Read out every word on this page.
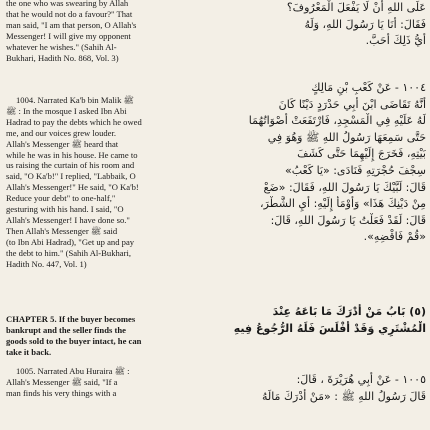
the one who was swearing by Allah
that he would not do a favour?" That
man said, "I am that person, O Allah's
Messenger! I will give my opponent
whatever he wishes." (Sahih Al-
Bukhari, Hadith No. 868, Vol. 3)
1004. Narrated Ka'b bin Malik ﷺ
ﷺ : In the mosque I asked Ibn Abi
Hadrad to pay the debts which he owed
me, and our voices grew louder.
Allah's Messenger ﷺ heard that
while he was in his house. He came to
us raising the curtain of his room and
said, "O Ka'b!" I replied, "Labbaik, O
Allah's Messenger!" He said, "O Ka'b!
Reduce your debt" to one-half,"
gesturing with his hand. I said, "O
Allah's Messenger! I have done so."
Then Allah's Messenger ﷺ said
(to Ibn Abi Hadrad), "Get up and pay
the debt to him." (Sahih Al-Bukhari,
Hadith No. 447, Vol. 1)
CHAPTER 5. If the buyer becomes
bankrupt and the seller finds the
goods sold to the buyer intact, he can
take it back.
1005. Narrated Abu Huraira ﷺ :
Allah's Messenger ﷺ said, "If a
man finds his very things with a
عَلَى اللهِ أَنْ لَا يَفْعَلَ الْمَعْرُوفَ؟
فَقَالَ: أَنَا يَا رَسُولَ اللهِ، وَلَهُ
أَيُّ ذَلِكَ أَحَبَّ.
١٠٠٤ - عَنْ كَعْبِ بْنِ مَالِكٍ
أَنَّهُ تَقَاضَى ابْنَ أَبِي حَدْرَدٍ دَيْنًا كَانَ
لَهُ عَلَيْهِ فِي الْمَسْجِدِ، فَارْتَفَعَتْ أَصْوَاتُهُمَا
حَتَّى سَمِعَهَا رَسُولُ اللهِ ﷺ وَهُوَ فِي
بَيْتِهِ، فَخَرَجَ إِلَيْهِمَا حَتَّى كَشَفَ
سِجْفَ حُجْرَتِهِ فَنَادَى: «يَا كَعْبُ»
قَالَ: لَبَّيْكَ يَا رَسُولَ اللهِ، فَقَالَ: «ضَعْ
مِنْ دَيْنِكَ هَذَا» وَأَوْمَأَ إِلَيْهِ: أَيِ الشَّطْرَ،
قَالَ: لَقَدْ فَعَلْتُ يَا رَسُولَ اللهِ، قَالَ:
«قُمْ فَاقْضِهِ».
(٥) بَابُ مَنْ أَدْرَكَ مَا بَاعَهُ عِنْدَ
الْمُشْتَرِي وَقَدْ أَفْلَسَ فَلَهُ الرُّجُوعُ فِيهِ
١٠٠٥ - عَنْ أَبِي هُرَيْرَةَ ، قَالَ:
قَالَ رَسُولُ اللهِ ﷺ : «مَنْ أَدْرَكَ مَالَهُ
